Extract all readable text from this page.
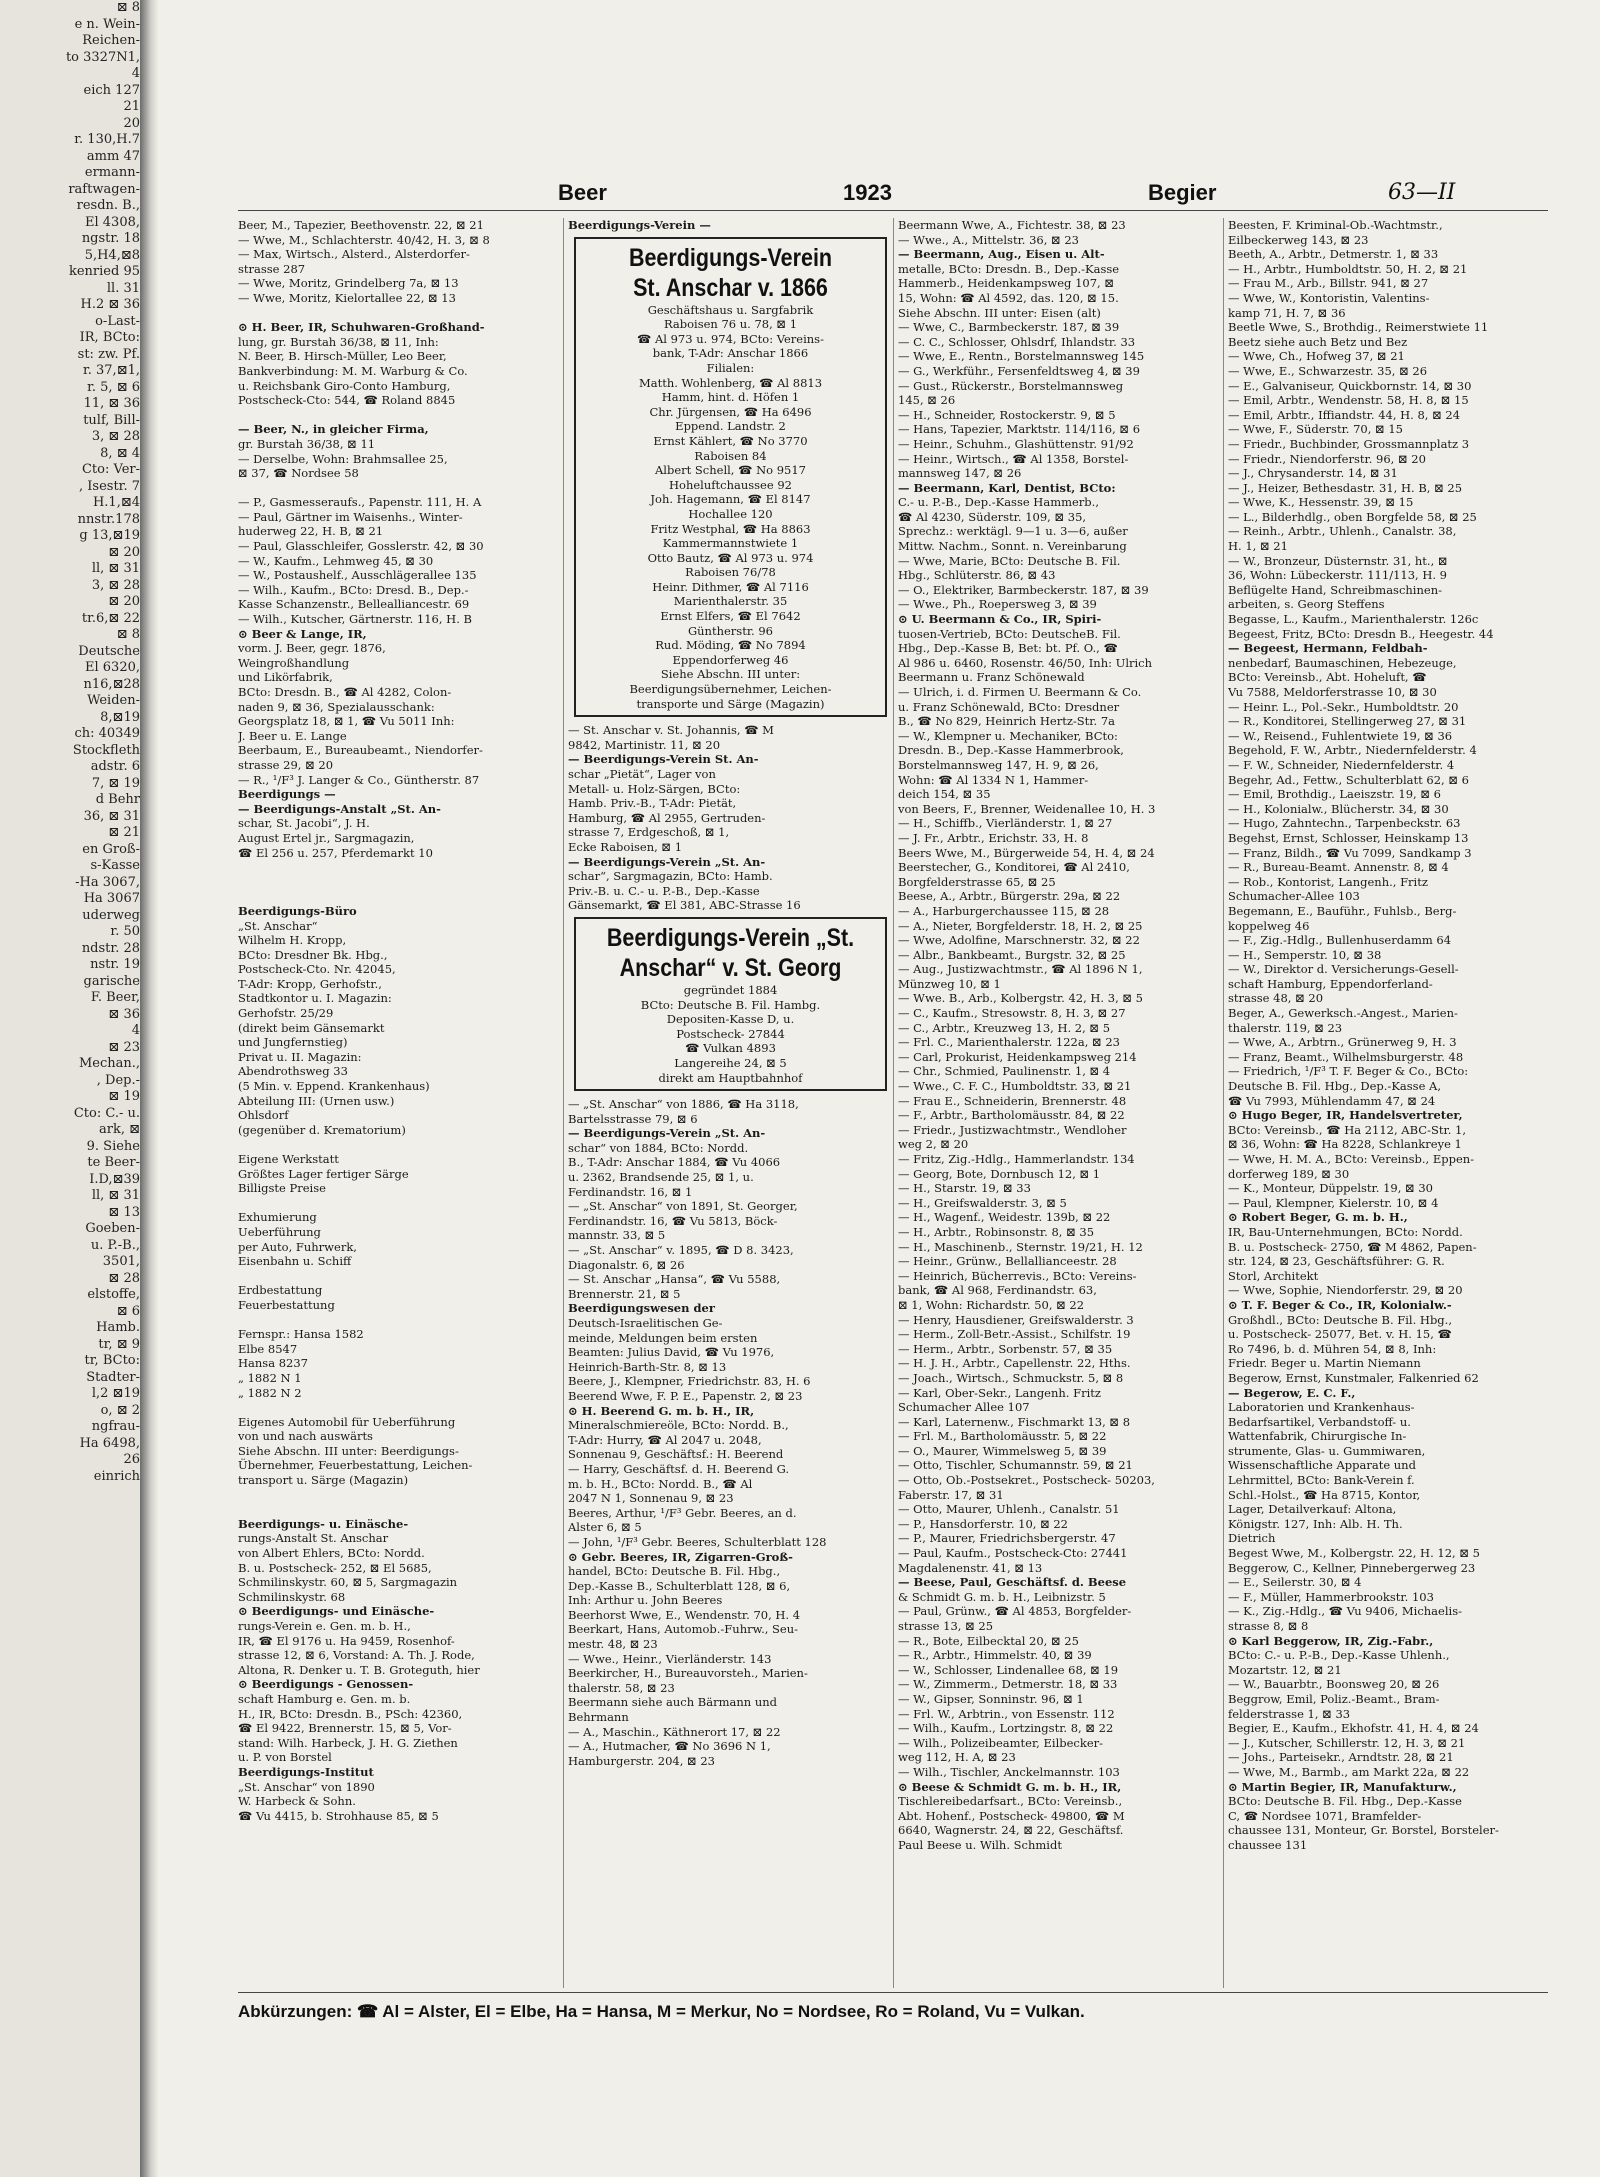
⊠ 8
e n. Wein-
Reichen-
to 3327N1,
4
eich 127
21
20
r. 130,H.7
amm 47
ermann-
raftwagen-
resdn. B.,
El 4308,
ngstr. 18
5,H4,⊠8
kenried 95
ll. 31
H.2 ⊠ 36
o-Last-
IR, BCto:
st: zw. Pf.
r. 37,⊠1,
r. 5, ⊠ 6
11, ⊠ 36
tulf, Bill-
3, ⊠ 28
8, ⊠ 4
Cto: Ver-
, Isestr. 7
H.1,⊠4
nnstr.178
g 13,⊠19
⊠ 20
ll, ⊠ 31
3, ⊠ 28
⊠ 20
tr.6,⊠ 22
⊠ 8
Deutsche
El 6320,
n16,⊠28
Weiden-
8,⊠19
ch: 40349
Stockfleth
adstr. 6
7, ⊠ 19
d Behr
36, ⊠ 31
⊠ 21
en Groß-
s-Kasse
-Ha 3067,
Ha 3067
uderweg
r. 50
ndstr. 28
nstr. 19
garische
F. Beer,
⊠ 36
4
⊠ 23
Mechan.,
, Dep.-
⊠ 19
Cto: C.- u.
ark, ⊠
9. Siehe
te Beer-
I.D,⊠39
ll, ⊠ 31
⊠ 13
Goeben-
u. P.-B.,
3501,
⊠ 28
elstoffe,
⊠ 6
Hamb.
tr, ⊠ 9
tr, BCto:
Stadter-
l,2 ⊠19
o, ⊠ 2
ngfrau-
Ha 6498,
26
einrich
Beer	1923	Begier	63—II
Beer, M., Tapezier, Beethovenstr. 22, ⊠ 21
— Wwe, M., Schlachterstr. 40/42, H. 3, ⊠ 8
— Max, Wirtsch., Alsterd., Alsterdorfer-
strasse 287
— Wwe, Moritz, Grindelberg 7a, ⊠ 13
— Wwe, Moritz, Kielortallee 22, ⊠ 13

⊙ H. Beer, IR, Schuhwaren-Großhand-
lung, gr. Burstah 36/38, ⊠ 11, Inh:
N. Beer, B. Hirsch-Müller, Leo Beer,
Bankverbindung: M. M. Warburg & Co.
u. Reichsbank Giro-Conto Hamburg,
Postscheck-Cto: 544, ☎ Roland 8845

— Beer, N., in gleicher Firma,
gr. Burstah 36/38, ⊠ 11
— Derselbe, Wohn: Brahmsallee 25,
⊠ 37, ☎ Nordsee 58

— P., Gasmesseraufs., Papenstr. 111, H. A
— Paul, Gärtner im Waisenhs., Winter-
huderweg 22, H. B, ⊠ 21
— Paul, Glasschleifer, Gosslerstr. 42, ⊠ 30
— W., Kaufm., Lehmweg 45, ⊠ 30
— W., Postaushelf., Ausschlägerallee 135
— Wilh., Kaufm., BCto: Dresd. B., Dep.-
Kasse Schanzenstr., Bellealliancestr. 69
— Wilh., Kutscher, Gärtnerstr. 116, H. B
⊙ Beer & Lange, IR,
vorm. J. Beer, gegr. 1876,
Weingroßhandlung
und Likörfabrik,
BCto: Dresdn. B., ☎ Al 4282, Colon-
naden 9, ⊠ 36, Spezialausschank:
Georgsplatz 18, ⊠ 1, ☎ Vu 5011 Inh:
J. Beer u. E. Lange
Beerbaum, E., Bureaubeamt., Niendorfer-
strasse 29, ⊠ 20
— R., ¹/F³ J. Langer & Co., Güntherstr. 87
Beerdigungs —
— Beerdigungs-Anstalt „St. An-
schar, St. Jacobi“, J. H.
August Ertel jr., Sargmagazin,
☎ El 256 u. 257, Pferdemarkt 10

Beerdigungs-Büro
„St. Anschar“
Wilhelm H. Kropp,
BCto: Dresdner Bk. Hbg.,
Postscheck-Cto. Nr. 42045,
T-Adr: Kropp, Gerhofstr.,
Stadtkontor u. I. Magazin:
Gerhofstr. 25/29
(direkt beim Gänsemarkt
und Jungfernstieg)
Privat u. II. Magazin:
Abendrothsweg 33
(5 Min. v. Eppend. Krankenhaus)
Abteilung III: (Urnen usw.)
Ohlsdorf
(gegenüber d. Krematorium)

Eigene Werkstatt
Größtes Lager fertiger Särge
Billigste Preise

Exhumierung
Ueberführung
per Auto, Fuhrwerk,
Eisenbahn u. Schiff

Erdbestattung
Feuerbestattung

Fernspr.: Hansa 1582
Elbe 8547
Hansa 8237
„ 1882 N 1
„ 1882 N 2

Eigenes Automobil für Ueberführung
von und nach auswärts
Siehe Abschn. III unter: Beerdigungs-
Übernehmer, Feuerbestattung, Leichen-
transport u. Särge (Magazin)

Beerdigungs- u. Einäsche-
rungs-Anstalt St. Anschar
von Albert Ehlers, BCto: Nordd.
B. u. Postscheck- 252, ⊠ El 5685,
Schmilinskystr. 60, ⊠ 5, Sargmagazin
Schmilinskystr. 68
⊙ Beerdigungs- und Einäsche-
rungs-Verein e. Gen. m. b. H.,
IR, ☎ El 9176 u. Ha 9459, Rosenhof-
strasse 12, ⊠ 6, Vorstand: A. Th. J. Rode,
Altona, R. Denker u. T. B. Groteguth, hier
⊙ Beerdigungs - Genossen-
schaft Hamburg e. Gen. m. b.
H., IR, BCto: Dresdn. B., PSch: 42360,
☎ El 9422, Brennerstr. 15, ⊠ 5, Vor-
stand: Wilh. Harbeck, J. H. G. Ziethen
u. P. von Borstel
Beerdigungs-Institut
„St. Anschar“ von 1890
W. Harbeck & Sohn.
☎ Vu 4415, b. Strohhause 85, ⊠ 5
Beerdigungs-Verein —
Beerdigungs-Verein
St. Anschar v. 1866
Geschäftshaus u. Sargfabrik
Raboisen 76 u. 78, ⊠ 1
☎ Al 973 u. 974, BCto: Vereins-
bank, T-Adr: Anschar 1866
Filialen:
Matth. Wohlenberg, ☎ Al 8813
Hamm, hint. d. Höfen 1
Chr. Jürgensen, ☎ Ha 6496
Eppend. Landstr. 2
Ernst Kählert, ☎ No 3770
Raboisen 84
Albert Schell, ☎ No 9517
Hoheluftchaussee 92
Joh. Hagemann, ☎ El 8147
Hochallee 120
Fritz Westphal, ☎ Ha 8863
Kammermannstwiete 1
Otto Bautz, ☎ Al 973 u. 974
Raboisen 76/78
Heinr. Dithmer, ☎ Al 7116
Marienthalerstr. 35
Ernst Elfers, ☎ El 7642
Güntherstr. 96
Rud. Möding, ☎ No 7894
Eppendorferweg 46
Siehe Abschn. III unter:
Beerdigungsübernehmer, Leichen-
transporte und Särge (Magazin)
— St. Anschar v. St. Johannis, ☎ M
9842, Martinistr. 11, ⊠ 20
— Beerdigungs-Verein St. An-
schar „Pietät“, Lager von
Metall- u. Holz-Särgen, BCto:
Hamb. Priv.-B., T-Adr: Pietät,
Hamburg, ☎ Al 2955, Gertruden-
strasse 7, Erdgeschoß, ⊠ 1,
Ecke Raboisen, ⊠ 1
— Beerdigungs-Verein „St. An-
schar“, Sargmagazin, BCto: Hamb.
Priv.-B. u. C.- u. P.-B., Dep.-Kasse
Gänsemarkt, ☎ El 381, ABC-Strasse 16
Beerdigungs-Verein „St.
Anschar“ v. St. Georg
gegründet 1884
BCto: Deutsche B. Fil. Hambg.
Depositen-Kasse D, u.
Postscheck- 27844
☎ Vulkan 4893
Langereihe 24, ⊠ 5
direkt am Hauptbahnhof
— „St. Anschar“ von 1886, ☎ Ha 3118,
Bartelsstrasse 79, ⊠ 6
— Beerdigungs-Verein „St. An-
schar“ von 1884, BCto: Nordd.
B., T-Adr: Anschar 1884, ☎ Vu 4066
u. 2362, Brandsende 25, ⊠ 1, u.
Ferdinandstr. 16, ⊠ 1
— „St. Anschar“ von 1891, St. Georger,
Ferdinandstr. 16, ☎ Vu 5813, Böck-
mannstr. 33, ⊠ 5
— „St. Anschar“ v. 1895, ☎ D 8. 3423,
Diagonalstr. 6, ⊠ 26
— St. Anschar „Hansa“, ☎ Vu 5588,
Brennerstr. 21, ⊠ 5
Beerdigungswesen der
Deutsch-Israelitischen Ge-
meinde, Meldungen beim ersten
Beamten: Julius David, ☎ Vu 1976,
Heinrich-Barth-Str. 8, ⊠ 13
Beere, J., Klempner, Friedrichstr. 83, H. 6
Beerend Wwe, F. P. E., Papenstr. 2, ⊠ 23
⊙ H. Beerend G. m. b. H., IR,
Mineralschmiereöle, BCto: Nordd. B.,
T-Adr: Hurry, ☎ Al 2047 u. 2048,
Sonnenau 9, Geschäftsf.: H. Beerend
— Harry, Geschäftsf. d. H. Beerend G.
m. b. H., BCto: Nordd. B., ☎ Al
2047 N 1, Sonnenau 9, ⊠ 23
Beeres, Arthur, ¹/F³ Gebr. Beeres, an d.
Alster 6, ⊠ 5
— John, ¹/F³ Gebr. Beeres, Schulterblatt 128
⊙ Gebr. Beeres, IR, Zigarren-Groß-
handel, BCto: Deutsche B. Fil. Hbg.,
Dep.-Kasse B., Schulterblatt 128, ⊠ 6,
Inh: Arthur u. John Beeres
Beerhorst Wwe, E., Wendenstr. 70, H. 4
Beerkart, Hans, Automob.-Fuhrw., Seu-
mestr. 48, ⊠ 23
— Wwe., Heinr., Vierländerstr. 143
Beerkircher, H., Bureauvorsteh., Marien-
thalerstr. 58, ⊠ 23
Beermann siehe auch Bärmann und
Behrmann
— A., Maschin., Käthnerort 17, ⊠ 22
— A., Hutmacher, ☎ No 3696 N 1,
Hamburgerstr. 204, ⊠ 23
Beermann Wwe, A., Fichtestr. 38, ⊠ 23
— Wwe., A., Mittelstr. 36, ⊠ 23
— Beermann, Aug., Eisen u. Alt-
metalle, BCto: Dresdn. B., Dep.-Kasse
Hammerb., Heidenkampsweg 107, ⊠
15, Wohn: ☎ Al 4592, das. 120, ⊠ 15.
Siehe Abschn. III unter: Eisen (alt)
— Wwe, C., Barmbeckerstr. 187, ⊠ 39
— C. C., Schlosser, Ohlsdrf, Ihlandstr. 33
— Wwe, E., Rentn., Borstelmannsweg 145
— G., Werkführ., Fersenfeldtsweg 4, ⊠ 39
— Gust., Rückerstr., Borstelmannsweg
145, ⊠ 26
— H., Schneider, Rostockerstr. 9, ⊠ 5
— Hans, Tapezier, Marktstr. 114/116, ⊠ 6
— Heinr., Schuhm., Glashüttenstr. 91/92
— Heinr., Wirtsch., ☎ Al 1358, Borstel-
mannsweg 147, ⊠ 26
— Beermann, Karl, Dentist, BCto:
C.- u. P.-B., Dep.-Kasse Hammerb.,
☎ Al 4230, Süderstr. 109, ⊠ 35,
Sprechz.: werktägl. 9—1 u. 3—6, außer
Mittw. Nachm., Sonnt. n. Vereinbarung
— Wwe, Marie, BCto: Deutsche B. Fil.
Hbg., Schlüterstr. 86, ⊠ 43
— O., Elektriker, Barmbeckerstr. 187, ⊠ 39
— Wwe., Ph., Roepersweg 3, ⊠ 39
⊙ U. Beermann & Co., IR, Spiri-
tuosen-Vertrieb, BCto: DeutscheB. Fil.
Hbg., Dep.-Kasse B, Bet: bt. Pf. O., ☎
Al 986 u. 6460, Rosenstr. 46/50, Inh: Ulrich
Beermann u. Franz Schönewald
— Ulrich, i. d. Firmen U. Beermann & Co.
u. Franz Schönewald, BCto: Dresdner
B., ☎ No 829, Heinrich Hertz-Str. 7a
— W., Klempner u. Mechaniker, BCto:
Dresdn. B., Dep.-Kasse Hammerbrook,
Borstelmannsweg 147, H. 9, ⊠ 26,
Wohn: ☎ Al 1334 N 1, Hammer-
deich 154, ⊠ 35
von Beers, F., Brenner, Weidenallee 10, H. 3
— H., Schiffb., Vierländerstr. 1, ⊠ 27
— J. Fr., Arbtr., Erichstr. 33, H. 8
Beers Wwe, M., Bürgerweide 54, H. 4, ⊠ 24
Beerstecher, G., Konditorei, ☎ Al 2410,
Borgfelderstrasse 65, ⊠ 25
Beese, A., Arbtr., Bürgerstr. 29a, ⊠ 22
— A., Harburgerchaussee 115, ⊠ 28
— A., Nieter, Borgfelderstr. 18, H. 2, ⊠ 25
— Wwe, Adolfine, Marschnerstr. 32, ⊠ 22
— Albr., Bankbeamt., Burgstr. 32, ⊠ 25
— Aug., Justizwachtmstr., ☎ Al 1896 N 1,
Münzweg 10, ⊠ 1
— Wwe. B., Arb., Kolbergstr. 42, H. 3, ⊠ 5
— C., Kaufm., Stresowstr. 8, H. 3, ⊠ 27
— C., Arbtr., Kreuzweg 13, H. 2, ⊠ 5
— Frl. C., Marienthalerstr. 122a, ⊠ 23
— Carl, Prokurist, Heidenkampsweg 214
— Chr., Schmied, Paulinenstr. 1, ⊠ 4
— Wwe., C. F. C., Humboldtstr. 33, ⊠ 21
— Frau E., Schneiderin, Brennerstr. 48
— F., Arbtr., Bartholomäusstr. 84, ⊠ 22
— Friedr., Justizwachtmstr., Wendloher
weg 2, ⊠ 20
— Fritz, Zig.-Hdlg., Hammerlandstr. 134
— Georg, Bote, Dornbusch 12, ⊠ 1
— H., Starstr. 19, ⊠ 33
— H., Greifswalderstr. 3, ⊠ 5
— H., Wagenf., Weidestr. 139b, ⊠ 22
— H., Arbtr., Robinsonstr. 8, ⊠ 35
— H., Maschinenb., Sternstr. 19/21, H. 12
— Heinr., Grünw., Bellallianceestr. 28
— Heinrich, Bücherrevis., BCto: Vereins-
bank, ☎ Al 968, Ferdinandstr. 63,
⊠ 1, Wohn: Richardstr. 50, ⊠ 22
— Henry, Hausdiener, Greifswalderstr. 3
— Herm., Zoll-Betr.-Assist., Schilfstr. 19
— Herm., Arbtr., Sorbenstr. 57, ⊠ 35
— H. J. H., Arbtr., Capellenstr. 22, Hths.
— Joach., Wirtsch., Schmuckstr. 5, ⊠ 8
— Karl, Ober-Sekr., Langenh. Fritz
Schumacher Allee 107
— Karl, Laternenw., Fischmarkt 13, ⊠ 8
— Frl. M., Bartholomäusstr. 5, ⊠ 22
— O., Maurer, Wimmelsweg 5, ⊠ 39
— Otto, Tischler, Schumannstr. 59, ⊠ 21
— Otto, Ob.-Postsekret., Postscheck- 50203,
Faberstr. 17, ⊠ 31
— Otto, Maurer, Uhlenh., Canalstr. 51
— P., Hansdorferstr. 10, ⊠ 22
— P., Maurer, Friedrichsbergerstr. 47
— Paul, Kaufm., Postscheck-Cto: 27441
Magdalenenstr. 41, ⊠ 13
— Beese, Paul, Geschäftsf. d. Beese
& Schmidt G. m. b. H., Leibnizstr. 5
— Paul, Grünw., ☎ Al 4853, Borgfelder-
strasse 13, ⊠ 25
— R., Bote, Eilbecktal 20, ⊠ 25
— R., Arbtr., Himmelstr. 40, ⊠ 39
— W., Schlosser, Lindenallee 68, ⊠ 19
— W., Zimmerm., Detmerstr. 18, ⊠ 33
— W., Gipser, Sonninstr. 96, ⊠ 1
— Frl. W., Arbtrin., von Essenstr. 112
— Wilh., Kaufm., Lortzingstr. 8, ⊠ 22
— Wilh., Polizeibeamter, Eilbecker-
weg 112, H. A, ⊠ 23
— Wilh., Tischler, Anckelmannstr. 103
⊙ Beese & Schmidt G. m. b. H., IR,
Tischlereibedarfsart., BCto: Vereinsb.,
Abt. Hohenf., Postscheck- 49800, ☎ M
6640, Wagnerstr. 24, ⊠ 22, Geschäftsf.
Paul Beese u. Wilh. Schmidt
Beesten, F. Kriminal-Ob.-Wachtmstr.,
Eilbeckerweg 143, ⊠ 23
Beeth, A., Arbtr., Detmerstr. 1, ⊠ 33
— H., Arbtr., Humboldtstr. 50, H. 2, ⊠ 21
— Frau M., Arb., Billstr. 941, ⊠ 27
— Wwe, W., Kontoristin, Valentins-
kamp 71, H. 7, ⊠ 36
Beetle Wwe, S., Brothdig., Reimerstwiete 11
Beetz siehe auch Betz und Bez
— Wwe, Ch., Hofweg 37, ⊠ 21
— Wwe, E., Schwarzestr. 35, ⊠ 26
— E., Galvaniseur, Quickbornstr. 14, ⊠ 30
— Emil, Arbtr., Wendenstr. 58, H. 8, ⊠ 15
— Emil, Arbtr., Iffiandstr. 44, H. 8, ⊠ 24
— Wwe, F., Süderstr. 70, ⊠ 15
— Friedr., Buchbinder, Grossmannplatz 3
— Friedr., Niendorferstr. 96, ⊠ 20
— J., Chrysanderstr. 14, ⊠ 31
— J., Heizer, Bethesdastr. 31, H. B, ⊠ 25
— Wwe, K., Hessenstr. 39, ⊠ 15
— L., Bilderhdlg., oben Borgfelde 58, ⊠ 25
— Reinh., Arbtr., Uhlenh., Canalstr. 38,
H. 1, ⊠ 21
— W., Bronzeur, Düsternstr. 31, ht., ⊠
36, Wohn: Lübeckerstr. 111/113, H. 9
Beflügelte Hand, Schreibmaschinen-
arbeiten, s. Georg Steffens
Begasse, L., Kaufm., Marienthalerstr. 126c
Begeest, Fritz, BCto: Dresdn B., Heegestr. 44
— Begeest, Hermann, Feldbah-
nenbedarf, Baumaschinen, Hebezeuge,
BCto: Vereinsb., Abt. Hoheluft, ☎
Vu 7588, Meldorferstrasse 10, ⊠ 30
— Heinr. L., Pol.-Sekr., Humboldtstr. 20
— R., Konditorei, Stellingerweg 27, ⊠ 31
— W., Reisend., Fuhlentwiete 19, ⊠ 36
Begehold, F. W., Arbtr., Niedernfelderstr. 4
— F. W., Schneider, Niedernfelderstr. 4
Begehr, Ad., Fettw., Schulterblatt 62, ⊠ 6
— Emil, Brothdig., Laeiszstr. 19, ⊠ 6
— H., Kolonialw., Blücherstr. 34, ⊠ 30
— Hugo, Zahntechn., Tarpenbeckstr. 63
Begehst, Ernst, Schlosser, Heinskamp 13
— Franz, Bildh., ☎ Vu 7099, Sandkamp 3
— R., Bureau-Beamt. Annenstr. 8, ⊠ 4
— Rob., Kontorist, Langenh., Fritz
Schumacher-Allee 103
Begemann, E., Bauführ., Fuhlsb., Berg-
koppelweg 46
— F., Zig.-Hdlg., Bullenhuserdamm 64
— H., Semperstr. 10, ⊠ 38
— W., Direktor d. Versicherungs-Gesell-
schaft Hamburg, Eppendorferland-
strasse 48, ⊠ 20
Beger, A., Gewerksch.-Angest., Marien-
thalerstr. 119, ⊠ 23
— Wwe, A., Arbtrn., Grünerweg 9, H. 3
— Franz, Beamt., Wilhelmsburgerstr. 48
— Friedrich, ¹/F³ T. F. Beger & Co., BCto:
Deutsche B. Fil. Hbg., Dep.-Kasse A,
☎ Vu 7993, Mühlendamm 47, ⊠ 24
⊙ Hugo Beger, IR, Handelsvertreter,
BCto: Vereinsb., ☎ Ha 2112, ABC-Str. 1,
⊠ 36, Wohn: ☎ Ha 8228, Schlankreye 1
— Wwe, H. M. A., BCto: Vereinsb., Eppen-
dorferweg 189, ⊠ 30
— K., Monteur, Düppelstr. 19, ⊠ 30
— Paul, Klempner, Kielerstr. 10, ⊠ 4
⊙ Robert Beger, G. m. b. H.,
IR, Bau-Unternehmungen, BCto: Nordd.
B. u. Postscheck- 2750, ☎ M 4862, Papen-
str. 124, ⊠ 23, Geschäftsführer: G. R.
Storl, Architekt
— Wwe, Sophie, Niendorferstr. 29, ⊠ 20
⊙ T. F. Beger & Co., IR, Kolonialw.-
Großhdl., BCto: Deutsche B. Fil. Hbg.,
u. Postscheck- 25077, Bet. v. H. 15, ☎
Ro 7496, b. d. Mühren 54, ⊠ 8, Inh:
Friedr. Beger u. Martin Niemann
Begerow, Ernst, Kunstmaler, Falkenried 62
— Begerow, E. C. F.,
Laboratorien und Krankenhaus-
Bedarfsartikel, Verbandstoff- u.
Wattenfabrik, Chirurgische In-
strumente, Glas- u. Gummiwaren,
Wissenschaftliche Apparate und
Lehrmittel, BCto: Bank-Verein f.
Schl.-Holst., ☎ Ha 8715, Kontor,
Lager, Detailverkauf: Altona,
Königstr. 127, Inh: Alb. H. Th.
Dietrich
Begest Wwe, M., Kolbergstr. 22, H. 12, ⊠ 5
Beggerow, C., Kellner, Pinnebergerweg 23
— E., Seilerstr. 30, ⊠ 4
— F., Müller, Hammerbrookstr. 103
— K., Zig.-Hdlg., ☎ Vu 9406, Michaelis-
strasse 8, ⊠ 8
⊙ Karl Beggerow, IR, Zig.-Fabr.,
BCto: C.- u. P.-B., Dep.-Kasse Uhlenh.,
Mozartstr. 12, ⊠ 21
— W., Bauarbtr., Boonsweg 20, ⊠ 26
Beggrow, Emil, Poliz.-Beamt., Bram-
felderstrasse 1, ⊠ 33
Begier, E., Kaufm., Ekhofstr. 41, H. 4, ⊠ 24
— J., Kutscher, Schillerstr. 12, H. 3, ⊠ 21
— Johs., Parteisekr., Arndtstr. 28, ⊠ 21
— Wwe, M., Barmb., am Markt 22a, ⊠ 22
⊙ Martin Begier, IR, Manufakturw.,
BCto: Deutsche B. Fil. Hbg., Dep.-Kasse
C, ☎ Nordsee 1071, Bramfelder-
chaussee 131, Monteur, Gr. Borstel, Borsteler-
chaussee 131
Abkürzungen: ☎ Al = Alster, El = Elbe, Ha = Hansa, M = Merkur, No = Nordsee, Ro = Roland, Vu = Vulkan.
